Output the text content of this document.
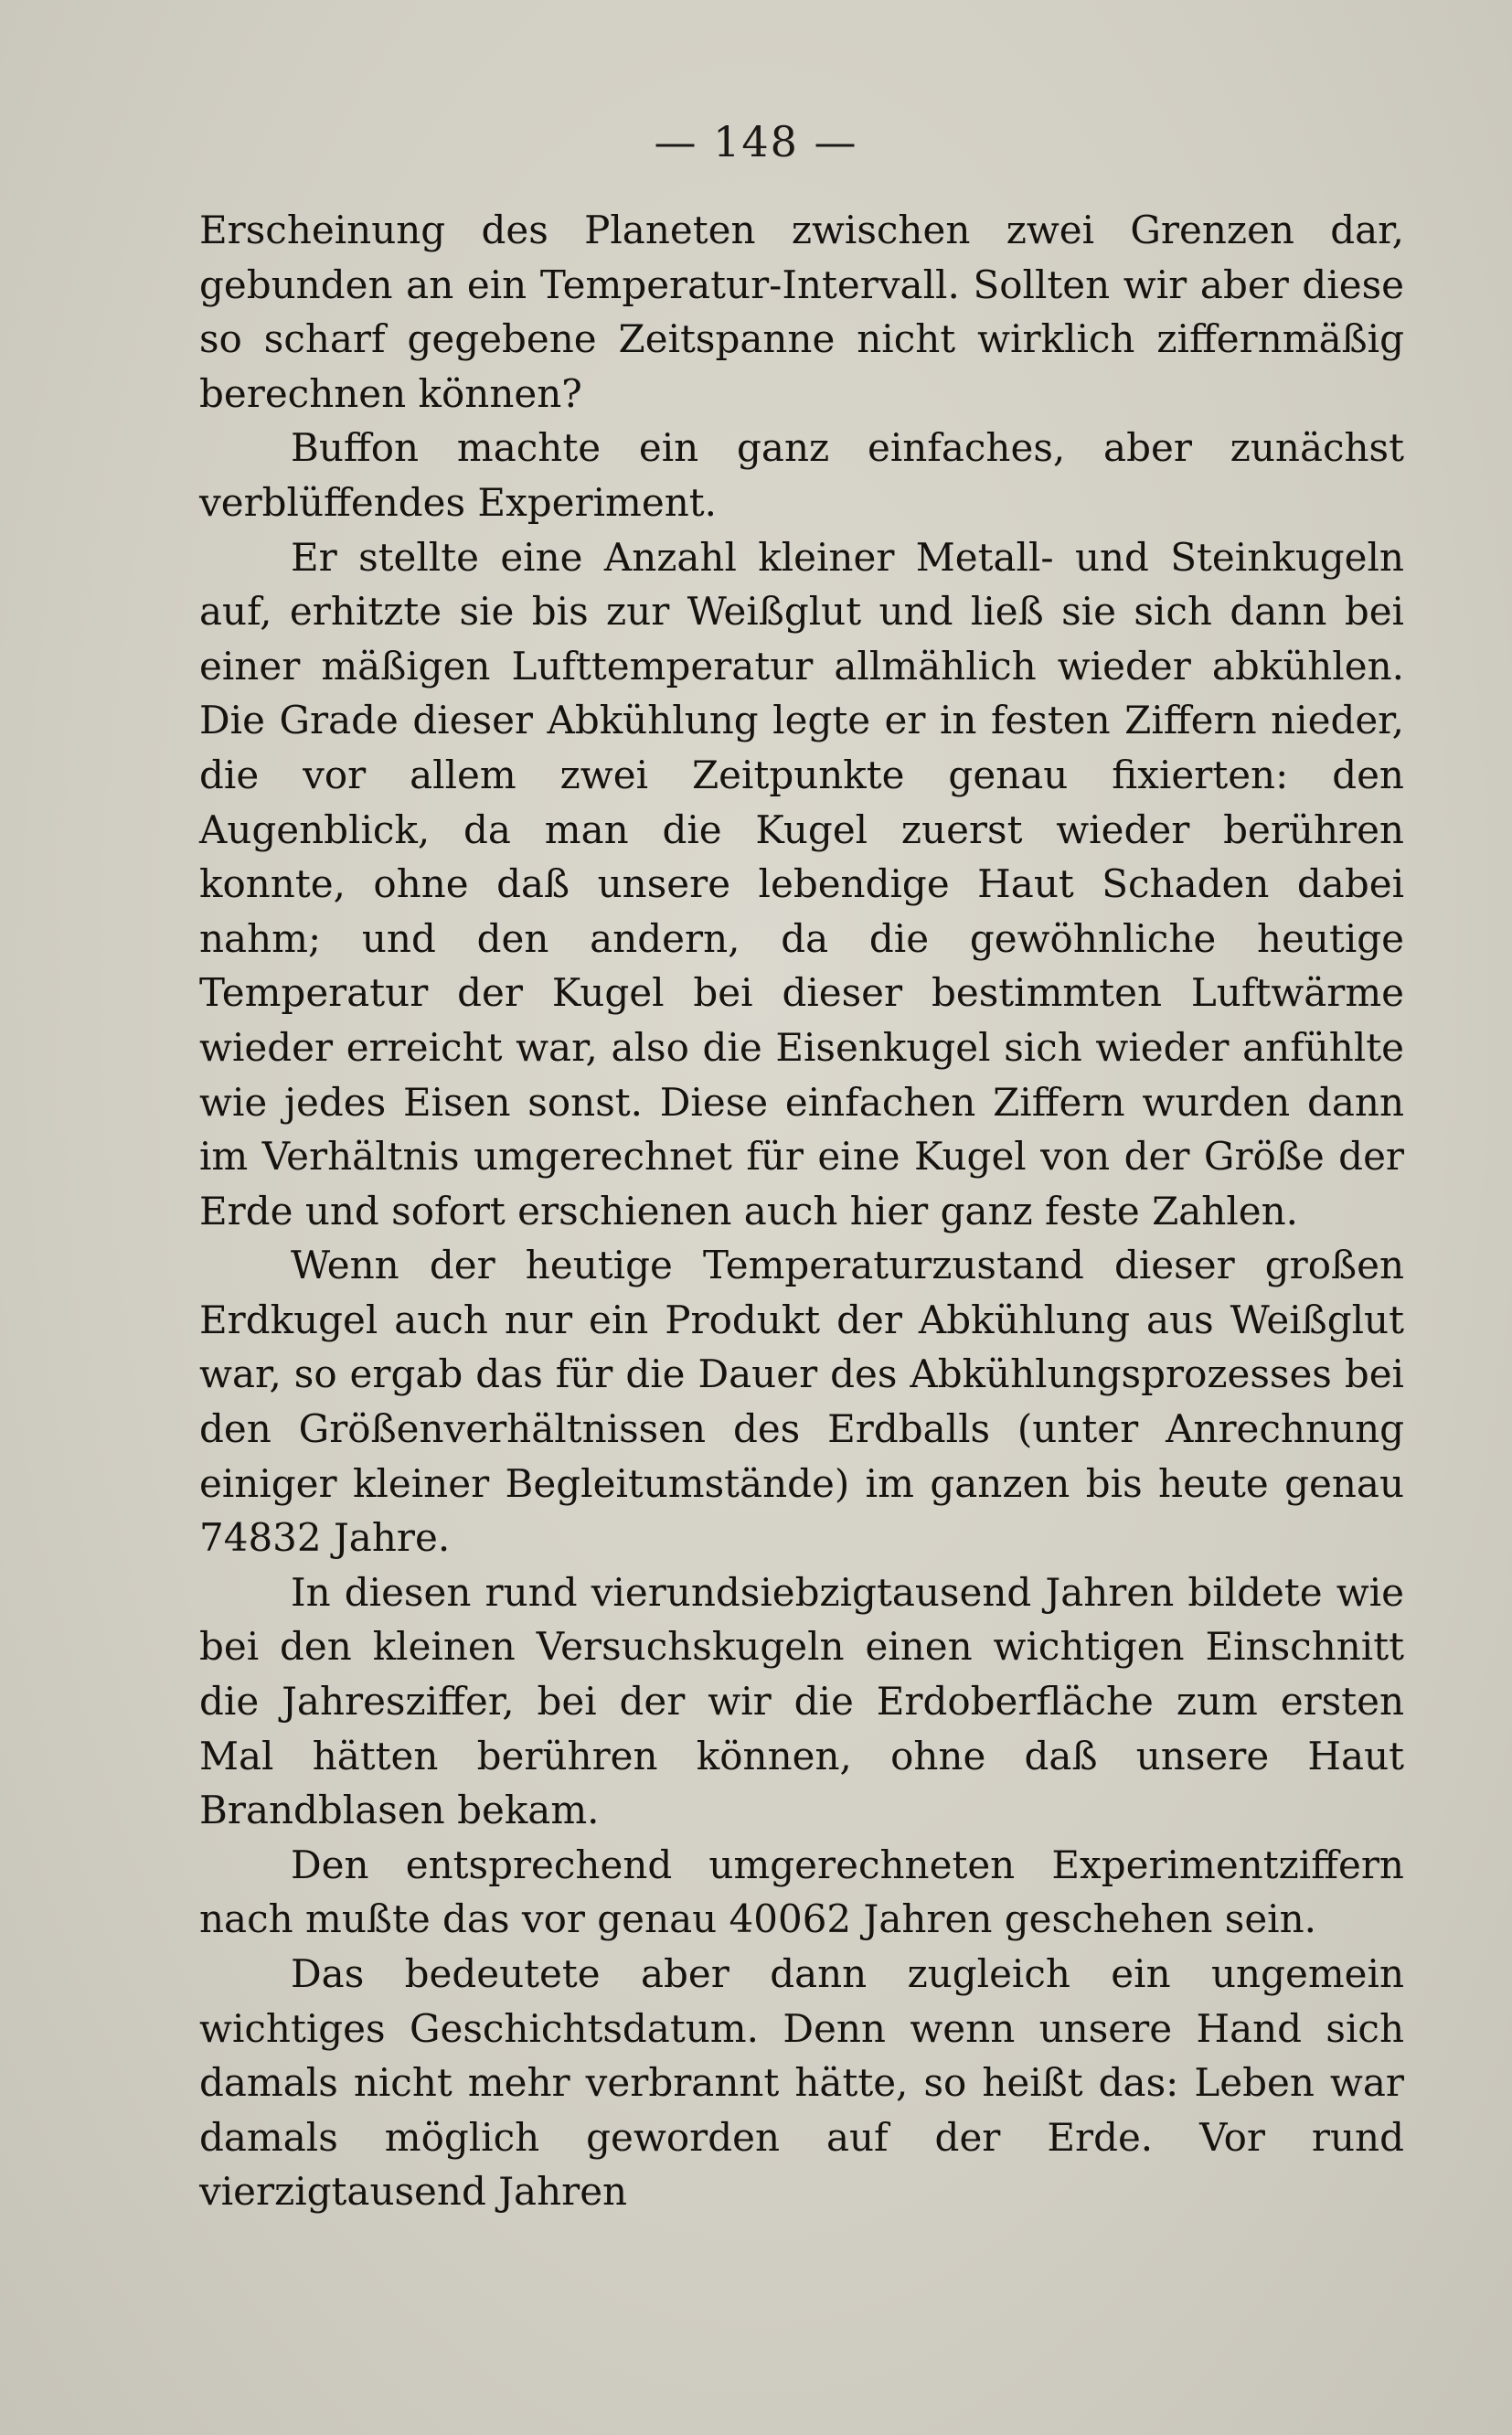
— 148 —

Erscheinung des Planeten zwischen zwei Grenzen dar, gebunden an ein Temperatur-Intervall. Sollten wir aber diese so scharf gegebene Zeitspanne nicht wirklich ziffernmäßig berechnen können?

Buffon machte ein ganz einfaches, aber zunächst verblüffendes Experiment.

Er stellte eine Anzahl kleiner Metall- und Steinkugeln auf, erhitzte sie bis zur Weißglut und ließ sie sich dann bei einer mäßigen Lufttemperatur allmählich wieder abkühlen. Die Grade dieser Abkühlung legte er in festen Ziffern nieder, die vor allem zwei Zeitpunkte genau fixierten: den Augenblick, da man die Kugel zuerst wieder berühren konnte, ohne daß unsere lebendige Haut Schaden dabei nahm; und den andern, da die gewöhnliche heutige Temperatur der Kugel bei dieser bestimmten Luftwärme wieder erreicht war, also die Eisenkugel sich wieder anfühlte wie jedes Eisen sonst. Diese einfachen Ziffern wurden dann im Verhältnis umgerechnet für eine Kugel von der Größe der Erde und sofort erschienen auch hier ganz feste Zahlen.

Wenn der heutige Temperaturzustand dieser großen Erdkugel auch nur ein Produkt der Abkühlung aus Weißglut war, so ergab das für die Dauer des Abkühlungsprozesses bei den Größenverhältnissen des Erdballs (unter Anrechnung einiger kleiner Begleitumstände) im ganzen bis heute genau 74832 Jahre.

In diesen rund vierundsiebzigtausend Jahren bildete wie bei den kleinen Versuchskugeln einen wichtigen Einschnitt die Jahresziffer, bei der wir die Erdoberfläche zum ersten Mal hätten berühren können, ohne daß unsere Haut Brandblasen bekam.

Den entsprechend umgerechneten Experimentziffern nach mußte das vor genau 40062 Jahren geschehen sein.

Das bedeutete aber dann zugleich ein ungemein wichtiges Geschichtsdatum. Denn wenn unsere Hand sich damals nicht mehr verbrannt hätte, so heißt das: Leben war damals möglich geworden auf der Erde. Vor rund vierzigtausend Jahren
